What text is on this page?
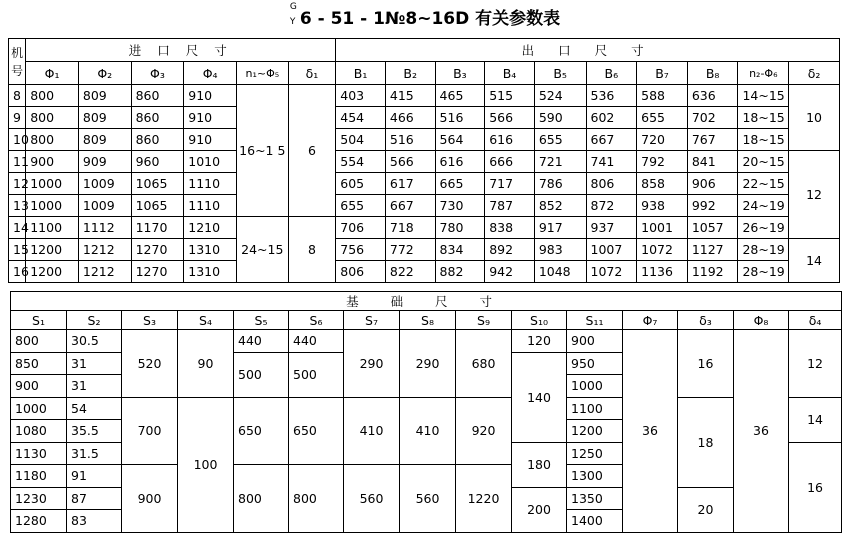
G
Y 6 - 51 - 1№8~16D 有关参数表
机号	进 口 尺 寸						出 口 尺 寸									
	Φ₁	Φ₂	Φ₃	Φ₄	n₁~Φ₅	δ₁	B₁	B₂	B₃	B₄	B₅	B₆	B₇	B₈	n₂-Φ₆	δ₂
8	800	809	860	910	16~1 5	6	403	415	465	515	524	536	588	636	14~15	10
9	800	809	860	910			454	466	516	566	590	602	655	702	18~15	
10	800	809	860	910			504	516	564	616	655	667	720	767	18~15	
11	900	909	960	1010			554	566	616	666	721	741	792	841	20~15	12
12	1000	1009	1065	1110			605	617	665	717	786	806	858	906	22~15	
13	1000	1009	1065	1110			655	667	730	787	852	872	938	992	24~19	
14	1100	1112	1170	1210	24~15	8	706	718	780	838	917	937	1001	1057	26~19	
15	1200	1212	1270	1310			756	772	834	892	983	1007	1072	1127	28~19	14
16	1200	1212	1270	1310			806	822	882	942	1048	1072	1136	1192	28~19	
基 础 尺 寸														
S₁	S₂	S₃	S₄	S₅	S₆	S₇	S₈	S₉	S₁₀	S₁₁	Φ₇	δ₃	Φ₈	δ₄
800	30.5	520	90	440	440	290	290	680	120	900	36	16	36	12
850	31			500	500				140	950				
900	31									1000				
1000	54	700	100	650	650	410	410	920		1100		18		14
1080	35.5									1200				
1130	31.5								180	1250				16
1180	91	900		800	800	560	560	1220		1300				
1230	87								200	1350		20		
1280	83									1400				
